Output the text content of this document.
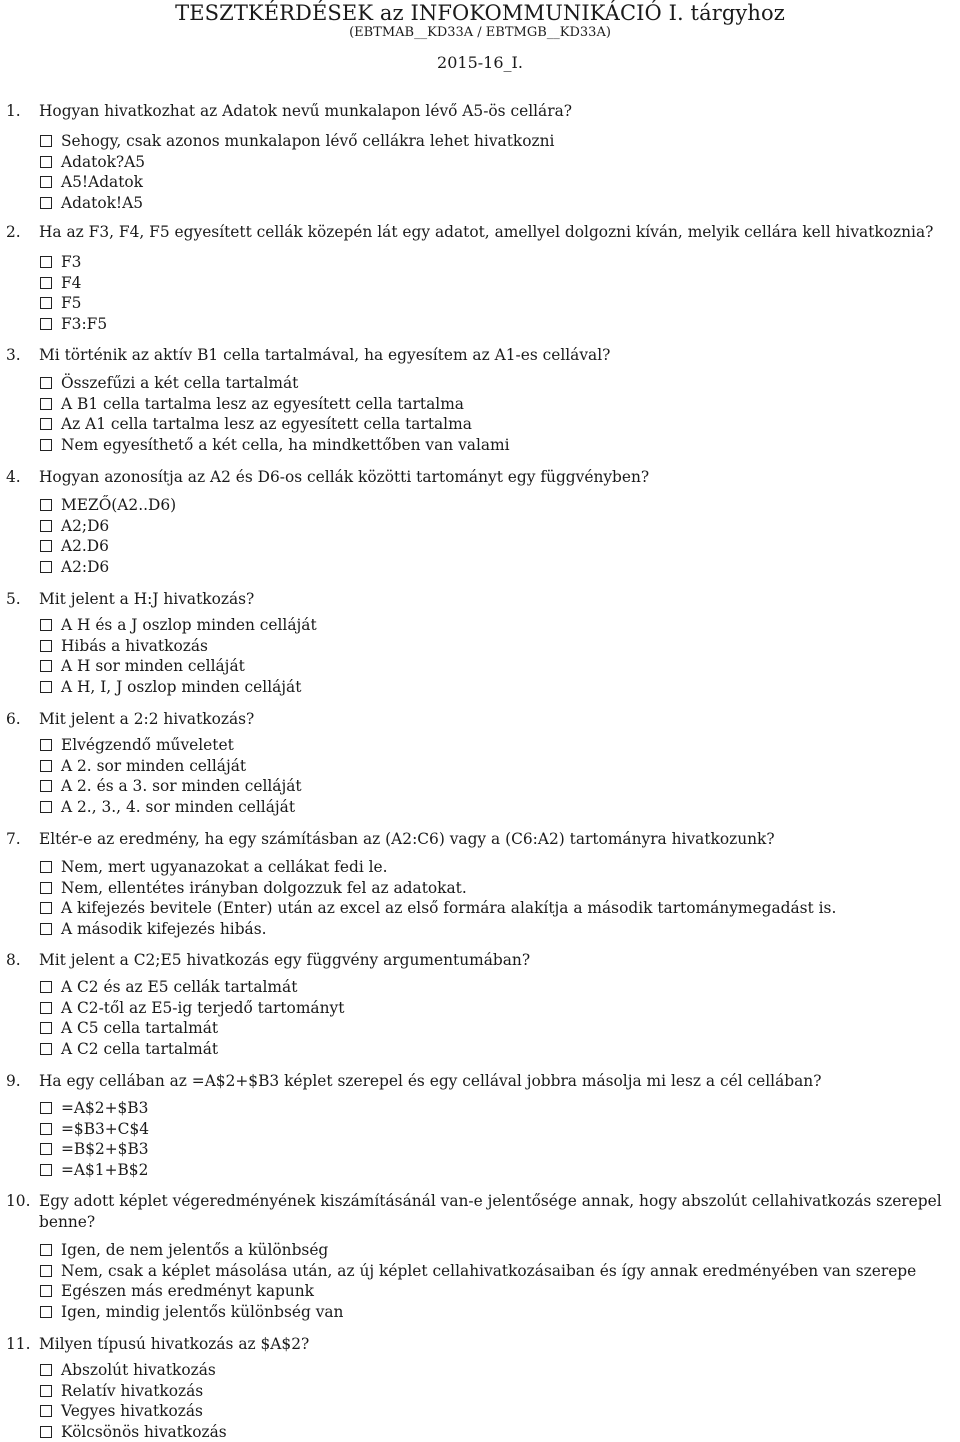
TESZTKÉRDÉSEK az INFOKOMMUNIKÁCIÓ I. tárgyhoz
(EBTMAB__KD33A / EBTMGB__KD33A)
2015-16_I.
1. Hogyan hivatkozhat az Adatok nevű munkalapon lévő A5-ös cellára?
Sehogy, csak azonos munkalapon lévő cellákra lehet hivatkozni
Adatok?A5
A5!Adatok
Adatok!A5
2. Ha az F3, F4, F5 egyesített cellák közepén lát egy adatot, amellyel dolgozni kíván, melyik cellára kell hivatkoznia?
F3
F4
F5
F3:F5
3. Mi történik az aktív B1 cella tartalmával, ha egyesítem az A1-es cellával?
Összefűzi a két cella tartalmát
A B1 cella tartalma lesz az egyesített cella tartalma
Az A1 cella tartalma lesz az egyesített cella tartalma
Nem egyesíthető a két cella, ha mindkettőben van valami
4. Hogyan azonosítja az A2 és D6-os cellák közötti tartományt egy függvényben?
MEZŐ(A2..D6)
A2;D6
A2.D6
A2:D6
5. Mit jelent a H:J hivatkozás?
A H és a J oszlop minden celláját
Hibás a hivatkozás
A H sor minden celláját
A H, I, J oszlop minden celláját
6. Mit jelent a 2:2 hivatkozás?
Elvégzendő műveletet
A 2. sor minden celláját
A 2. és a 3. sor minden celláját
A 2., 3., 4. sor minden celláját
7. Eltér-e az eredmény, ha egy számításban az (A2:C6) vagy a (C6:A2) tartományra hivatkozunk?
Nem, mert ugyanazokat a cellákat fedi le.
Nem, ellentétes irányban dolgozzuk fel az adatokat.
A kifejezés bevitele (Enter) után az excel az első formára alakítja a második tartománymegadást is.
A második kifejezés hibás.
8. Mit jelent a C2;E5 hivatkozás egy függvény argumentumában?
A C2 és az E5 cellák tartalmát
A C2-től az E5-ig terjedő tartományt
A C5 cella tartalmát
A C2 cella tartalmát
9. Ha egy cellában az =A$2+$B3 képlet szerepel és egy cellával jobbra másolja mi lesz a cél cellában?
=A$2+$B3
=$B3+C$4
=B$2+$B3
=A$1+B$2
10. Egy adott képlet végeredményének kiszámításánál van-e jelentősége annak, hogy abszolút cellahivatkozás szerepel benne?
Igen, de nem jelentős a különbség
Nem, csak a képlet másolása után, az új képlet cellahivatkozásaiban és így annak eredményében van szerepe
Egészen más eredményt kapunk
Igen, mindig jelentős különbség van
11. Milyen típusú hivatkozás az $A$2?
Abszolút hivatkozás
Relatív hivatkozás
Vegyes hivatkozás
Kölcsönös hivatkozás
